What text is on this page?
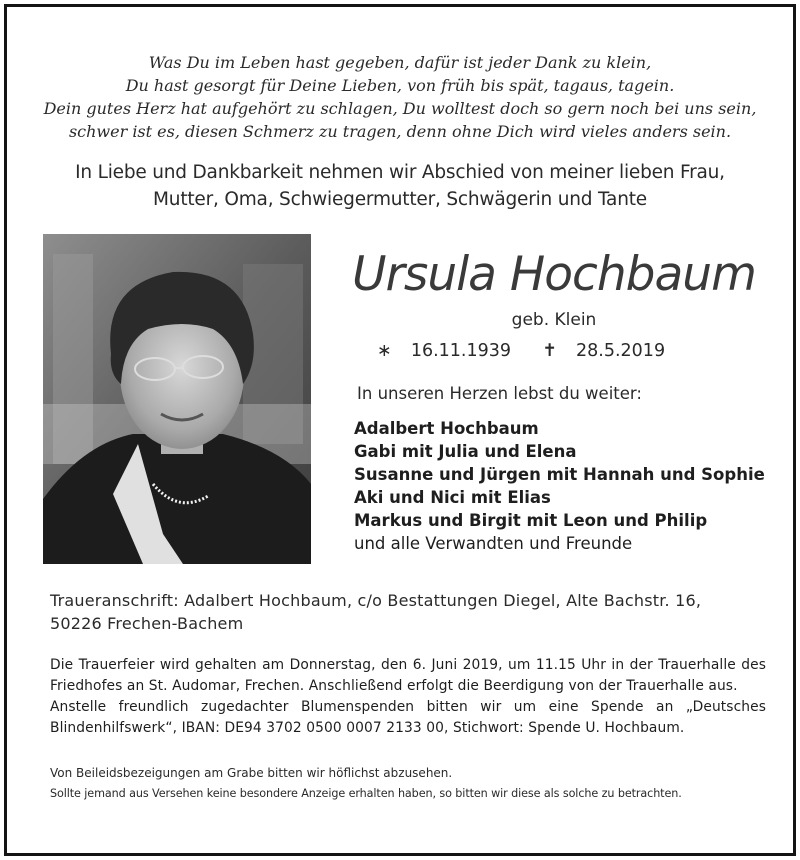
Was Du im Leben hast gegeben, dafür ist jeder Dank zu klein,
Du hast gesorgt für Deine Lieben, von früh bis spät, tagaus, tagein.
Dein gutes Herz hat aufgehört zu schlagen, Du wolltest doch so gern noch bei uns sein,
schwer ist es, diesen Schmerz zu tragen, denn ohne Dich wird vieles anders sein.
In Liebe und Dankbarkeit nehmen wir Abschied von meiner lieben Frau,
Mutter, Oma, Schwiegermutter, Schwägerin und Tante
Ursula Hochbaum
geb. Klein
∗ 16.11.1939 ✝ 28.5.2019
In unseren Herzen lebst du weiter:
Adalbert Hochbaum
Gabi mit Julia und Elena
Susanne und Jürgen mit Hannah und Sophie
Aki und Nici mit Elias
Markus und Birgit mit Leon und Philip
und alle Verwandten und Freunde
Traueranschrift: Adalbert Hochbaum, c/o Bestattungen Diegel, Alte Bachstr. 16,
50226 Frechen-Bachem
Die Trauerfeier wird gehalten am Donnerstag, den 6. Juni 2019, um 11.15 Uhr in der Trauerhalle des Friedhofes an St. Audomar, Frechen. Anschließend erfolgt die Beerdigung von der Trauerhalle aus.
Anstelle freundlich zugedachter Blumenspenden bitten wir um eine Spende an „Deutsches Blindenhilfswerk“, IBAN: DE94 3702 0500 0007 2133 00, Stichwort: Spende U. Hochbaum.
Von Beileidsbezeigungen am Grabe bitten wir höflichst abzusehen.
Sollte jemand aus Versehen keine besondere Anzeige erhalten haben, so bitten wir diese als solche zu betrachten.
